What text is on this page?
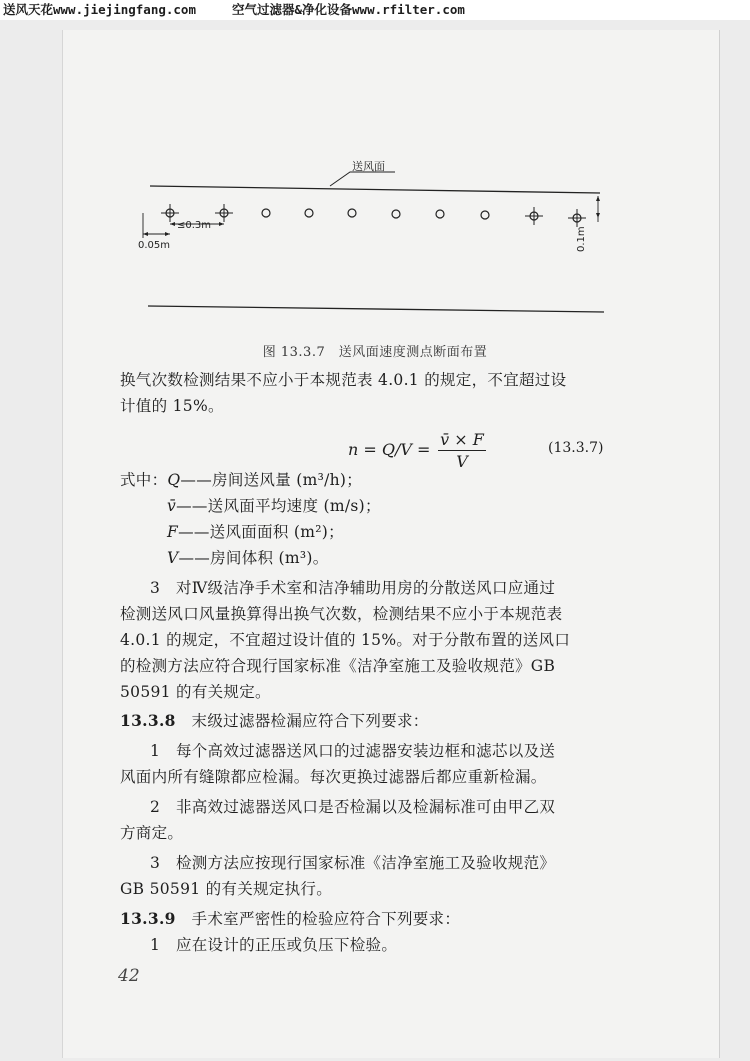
送风天花www.jiejingfang.com	空气过滤器&净化设备www.rfilter.com
送风面
≤0.3m
0.05m	0.1m
图 13.3.7　送风面速度测点断面布置
换气次数检测结果不应小于本规范表 4.0.1 的规定，不宜超过设
计值的 15%。
$n = Q/V = \frac{v̄ \times F}{V}$	(13.3.7)
式中：Q——房间送风量 (m³/h)；
v̄——送风面平均速度 (m/s)；
F——送风面面积 (m²)；
V——房间体积 (m³)。
3　对Ⅳ级洁净手术室和洁净辅助用房的分散送风口应通过
检测送风口风量换算得出换气次数，检测结果不应小于本规范表
4.0.1 的规定，不宜超过设计值的 15%。对于分散布置的送风口
的检测方法应符合现行国家标准《洁净室施工及验收规范》GB
50591 的有关规定。
13.3.8　 末级过滤器检漏应符合下列要求：
1　每个高效过滤器送风口的过滤器安装边框和滤芯以及送
风面内所有缝隙都应检漏。每次更换过滤器后都应重新检漏。
2　非高效过滤器送风口是否检漏以及检漏标准可由甲乙双
方商定。
3　检测方法应按现行国家标准《洁净室施工及验收规范》
GB 50591 的有关规定执行。
13.3.9　 手术室严密性的检验应符合下列要求：
1　应在设计的正压或负压下检验。
42
